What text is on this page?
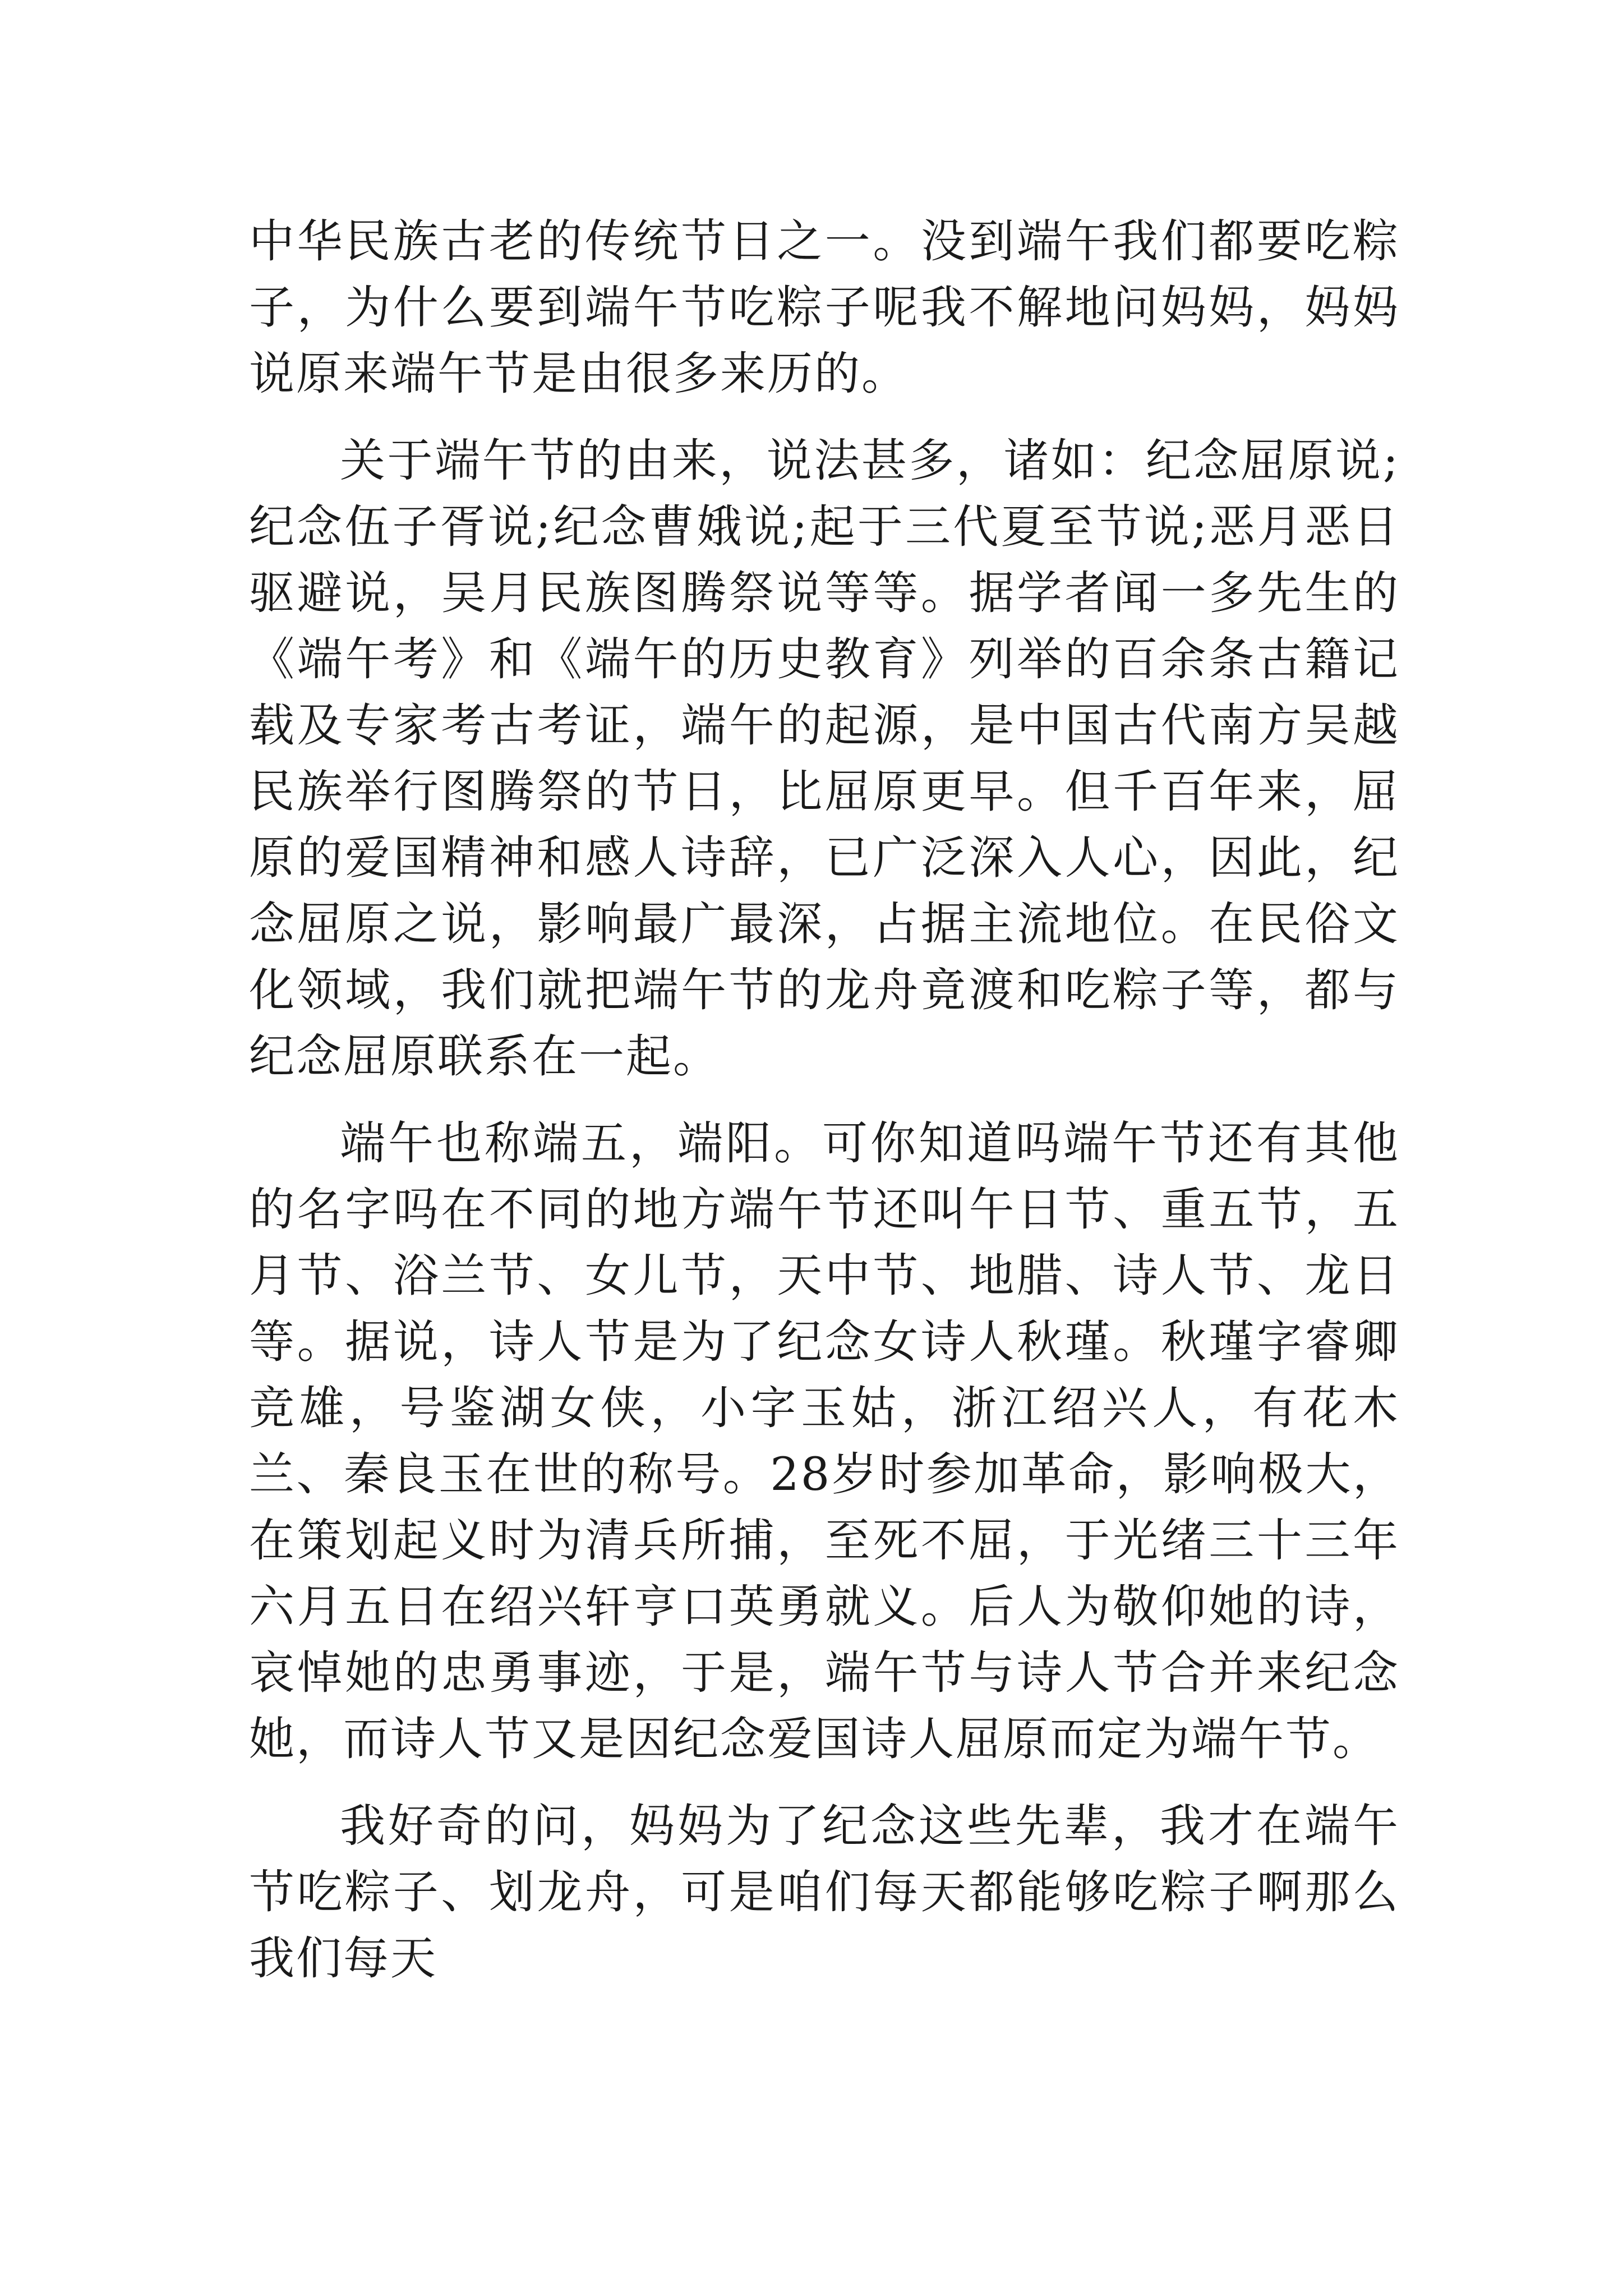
中华民族古老的传统节日之一。没到端午我们都要吃粽子，为什么要到端午节吃粽子呢我不解地问妈妈，妈妈说原来端午节是由很多来历的。

关于端午节的由来，说法甚多，诸如：纪念屈原说;纪念伍子胥说;纪念曹娥说;起于三代夏至节说;恶月恶日驱避说，吴月民族图腾祭说等等。据学者闻一多先生的《端午考》和《端午的历史教育》列举的百余条古籍记载及专家考古考证，端午的起源，是中国古代南方吴越民族举行图腾祭的节日，比屈原更早。但千百年来，屈原的爱国精神和感人诗辞，已广泛深入人心，因此，纪念屈原之说，影响最广最深，占据主流地位。在民俗文化领域，我们就把端午节的龙舟竟渡和吃粽子等，都与纪念屈原联系在一起。

端午也称端五，端阳。可你知道吗端午节还有其他的名字吗在不同的地方端午节还叫午日节、重五节，五月节、浴兰节、女儿节，天中节、地腊、诗人节、龙日等。据说，诗人节是为了纪念女诗人秋瑾。秋瑾字睿卿竞雄，号鉴湖女侠，小字玉姑，浙江绍兴人，有花木兰、秦良玉在世的称号。28岁时参加革命，影响极大，在策划起义时为清兵所捕，至死不屈，于光绪三十三年六月五日在绍兴轩亨口英勇就义。后人为敬仰她的诗，哀悼她的忠勇事迹，于是，端午节与诗人节合并来纪念她，而诗人节又是因纪念爱国诗人屈原而定为端午节。

我好奇的问，妈妈为了纪念这些先辈，我才在端午节吃粽子、划龙舟，可是咱们每天都能够吃粽子啊那么我们每天
